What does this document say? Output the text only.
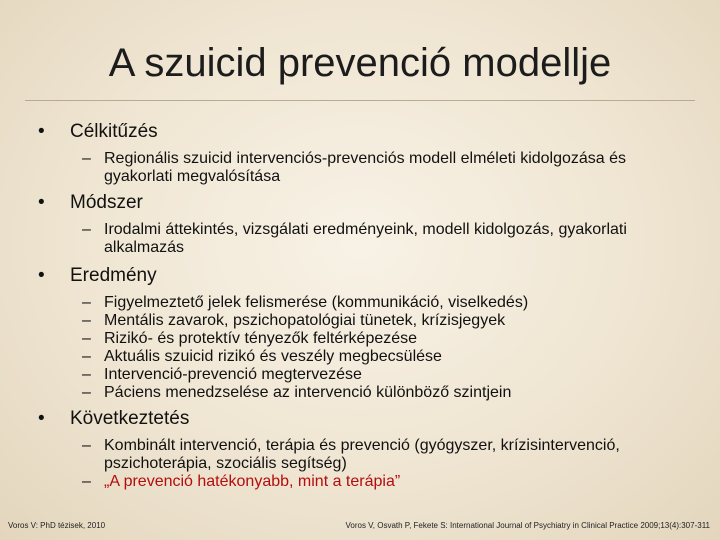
A szuicid prevenció modellje
•	Célkitűzés
– Regionális szuicid intervenciós-prevenciós modell elméleti kidolgozása és gyakorlati megvalósítása
•	Módszer
– Irodalmi áttekintés, vizsgálati eredményeink, modell kidolgozás, gyakorlati alkalmazás
•	Eredmény
– Figyelmeztető jelek felismerése (kommunikáció, viselkedés)
– Mentális zavarok, pszichopatológiai tünetek, krízisjegyek
– Rizikó- és protektív tényezők feltérképezése
– Aktuális szuicid rizikó és veszély megbecsülése
– Intervenció-prevenció megtervezése
– Páciens menedzselése az intervenció különböző szintjein
•	Következtetés
– Kombinált intervenció, terápia és prevenció (gyógyszer, krízisintervenció, pszichoterápia, szociális segítség)
– „A prevenció hatékonyabb, mint a terápia”
Voros V: PhD tézisek, 2010	Voros V, Osvath P, Fekete S: International Journal of Psychiatry in Clinical Practice 2009;13(4):307-311
